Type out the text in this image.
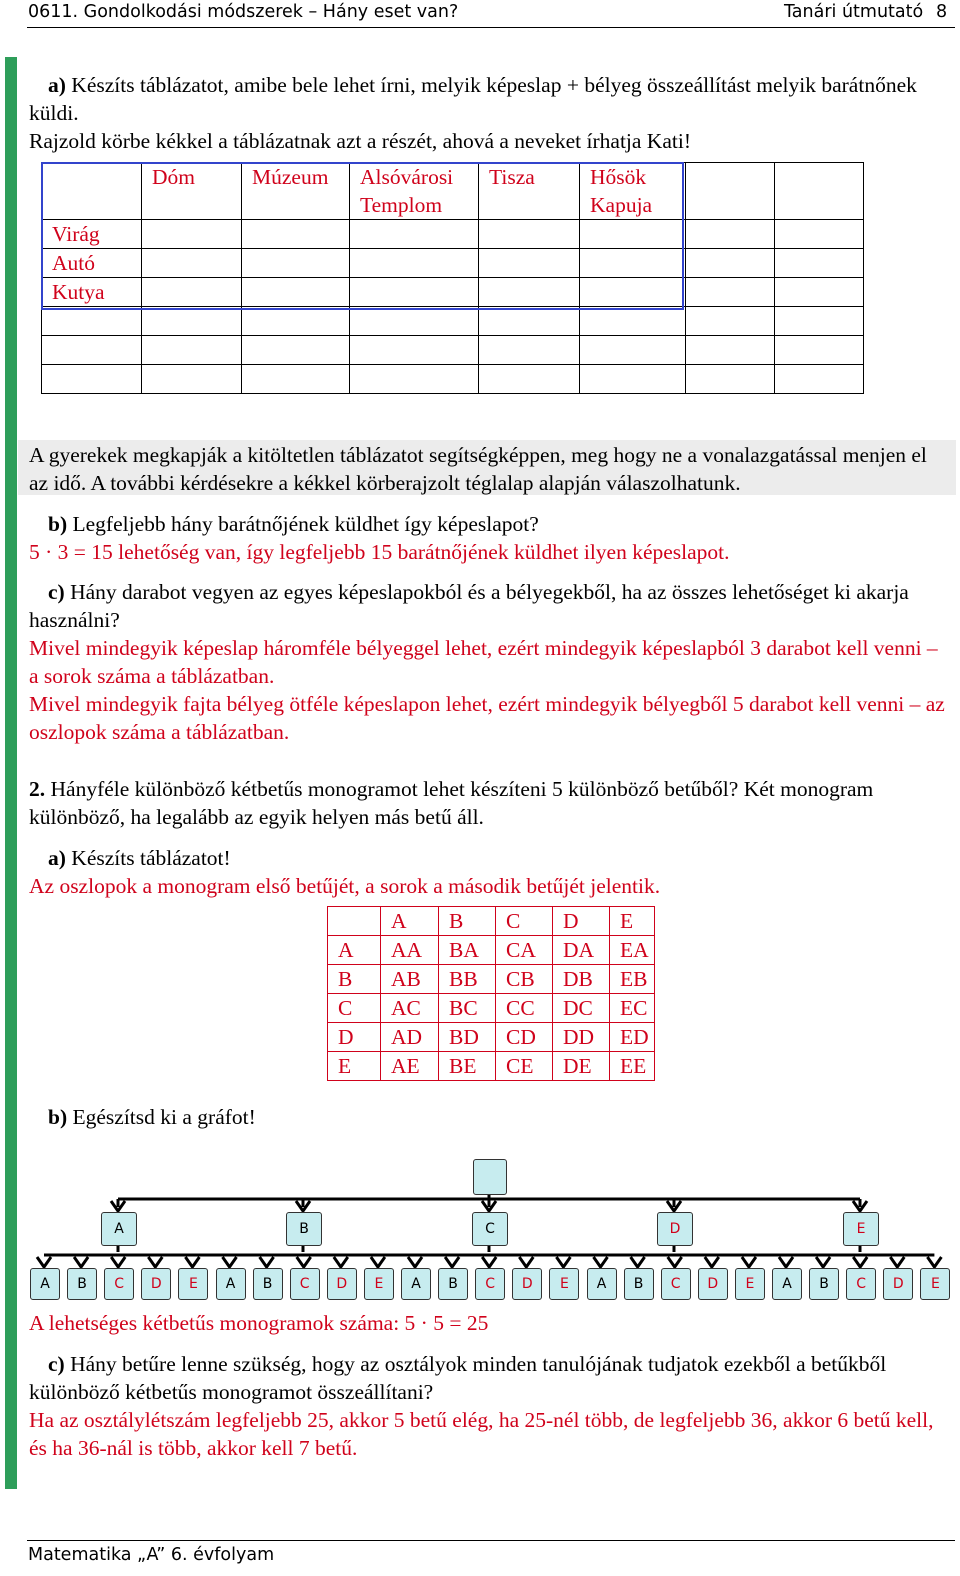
0611. Gondolkodási módszerek – Hány eset van?	Tanári útmutató 8
a) Készíts táblázatot, amibe bele lehet írni, melyik képeslap + bélyeg összeállítást melyik barátnőnek küldi.
Rajzold körbe kékkel a táblázatnak azt a részét, ahová a neveket írhatja Kati!
	Dóm	Múzeum	Alsóvárosi Templom	Tisza	Hősök Kapuja		
Virág							
Autó							
Kutya							

A gyerekek megkapják a kitöltetlen táblázatot segítségképpen, meg hogy ne a vonalazgatással menjen el az idő. A további kérdésekre a kékkel körberajzolt téglalap alapján válaszolhatunk.
b) Legfeljebb hány barátnőjének küldhet így képeslapot?
5 · 3 = 15 lehetőség van, így legfeljebb 15 barátnőjének küldhet ilyen képeslapot.
c) Hány darabot vegyen az egyes képeslapokból és a bélyegekből, ha az összes lehetőséget ki akarja használni?
Mivel mindegyik képeslap háromféle bélyeggel lehet, ezért mindegyik képeslapból 3 darabot kell venni – a sorok száma a táblázatban.
Mivel mindegyik fajta bélyeg ötféle képeslapon lehet, ezért mindegyik bélyegből 5 darabot kell venni – az oszlopok száma a táblázatban.
2. Hányféle különböző kétbetűs monogramot lehet készíteni 5 különböző betűből? Két monogram különböző, ha legalább az egyik helyen más betű áll.
a) Készíts táblázatot!
Az oszlopok a monogram első betűjét, a sorok a második betűjét jelentik.
	A	B	C	D	E
A	AA	BA	CA	DA	EA
B	AB	BB	CB	DB	EB
C	AC	BC	CC	DC	EC
D	AD	BD	CD	DD	ED
E	AE	BE	CE	DE	EE
b) Egészítsd ki a gráfot!
A	B	C	D	E
A	B	C	D	E	A	B	C	D	E	A	B	C	D	E	A	B	C	D	E	A	B	C	D	E
A lehetséges kétbetűs monogramok száma: 5 · 5 = 25
c) Hány betűre lenne szükség, hogy az osztályok minden tanulójának tudjatok ezekből a betűkből különböző kétbetűs monogramot összeállítani?
Ha az osztálylétszám legfeljebb 25, akkor 5 betű elég, ha 25-nél több, de legfeljebb 36, akkor 6 betű kell, és ha 36-nál is több, akkor kell 7 betű.
Matematika „A” 6. évfolyam
